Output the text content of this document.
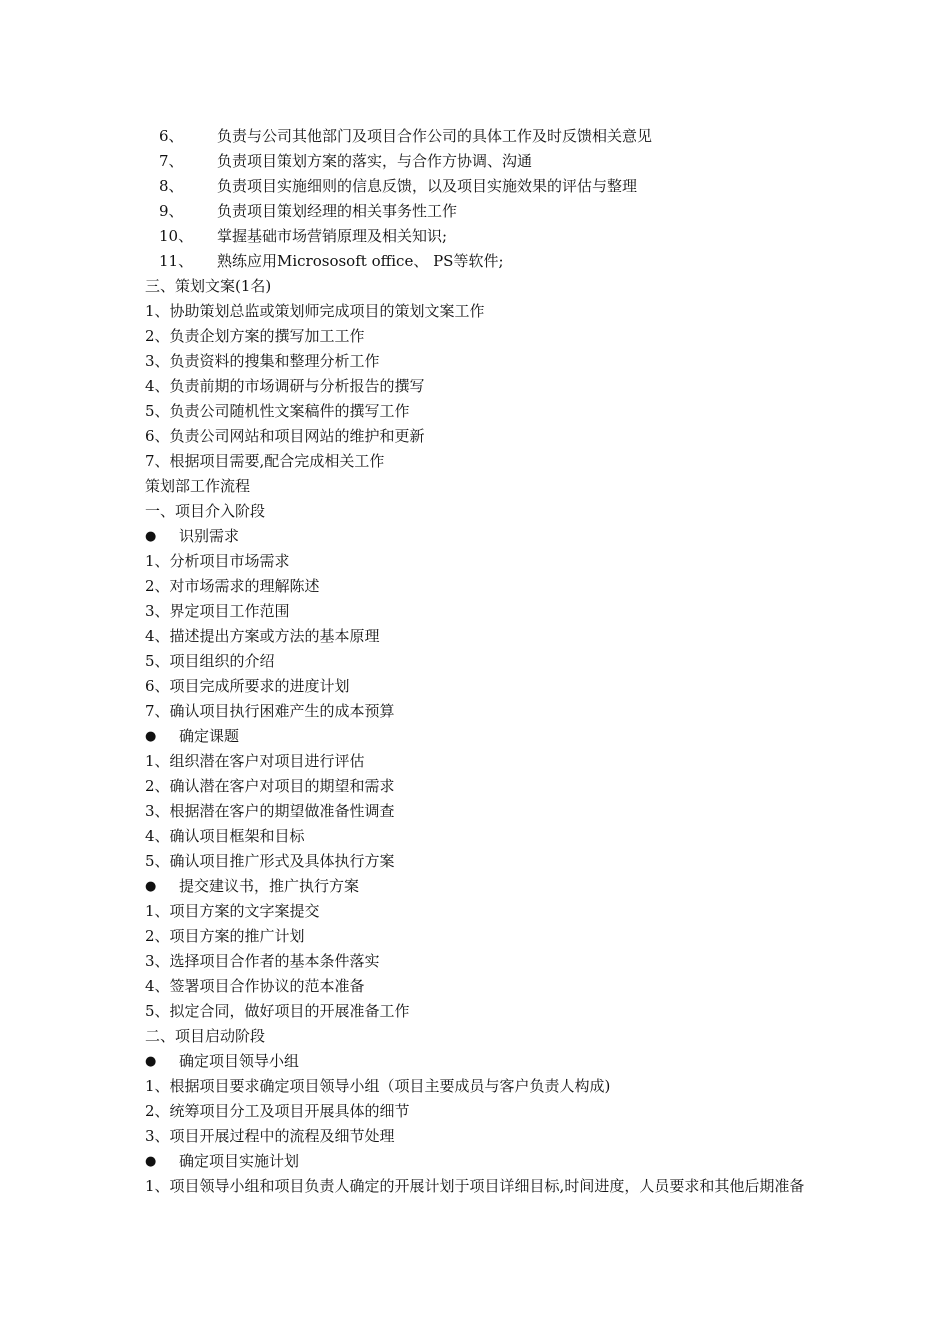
6、	负责与公司其他部门及项目合作公司的具体工作及时反馈相关意见
7、	负责项目策划方案的落实，与合作方协调、沟通
8、	负责项目实施细则的信息反馈，以及项目实施效果的评估与整理
9、	负责项目策划经理的相关事务性工作
10、	掌握基础市场营销原理及相关知识;
11、	熟练应用Micrososoft office、 PS等软件;
三、策划文案(1名)
1、协助策划总监或策划师完成项目的策划文案工作
2、负责企划方案的撰写加工工作
3、负责资料的搜集和整理分析工作
4、负责前期的市场调研与分析报告的撰写
5、负责公司随机性文案稿件的撰写工作
6、负责公司网站和项目网站的维护和更新
7、根据项目需要,配合完成相关工作
策划部工作流程
一、项目介入阶段
●	识别需求
1、分析项目市场需求
2、对市场需求的理解陈述
3、界定项目工作范围
4、描述提出方案或方法的基本原理
5、项目组织的介绍
6、项目完成所要求的进度计划
7、确认项目执行困难产生的成本预算
●	确定课题
1、组织潜在客户对项目进行评估
2、确认潜在客户对项目的期望和需求
3、根据潜在客户的期望做准备性调查
4、确认项目框架和目标
5、确认项目推广形式及具体执行方案
●	提交建议书，推广执行方案
1、项目方案的文字案提交
2、项目方案的推广计划
3、选择项目合作者的基本条件落实
4、签署项目合作协议的范本准备
5、拟定合同，做好项目的开展准备工作
二、项目启动阶段
●	确定项目领导小组
1、根据项目要求确定项目领导小组（项目主要成员与客户负责人构成)
2、统筹项目分工及项目开展具体的细节
3、项目开展过程中的流程及细节处理
●	确定项目实施计划
1、项目领导小组和项目负责人确定的开展计划于项目详细目标,时间进度，人员要求和其他后期准备
